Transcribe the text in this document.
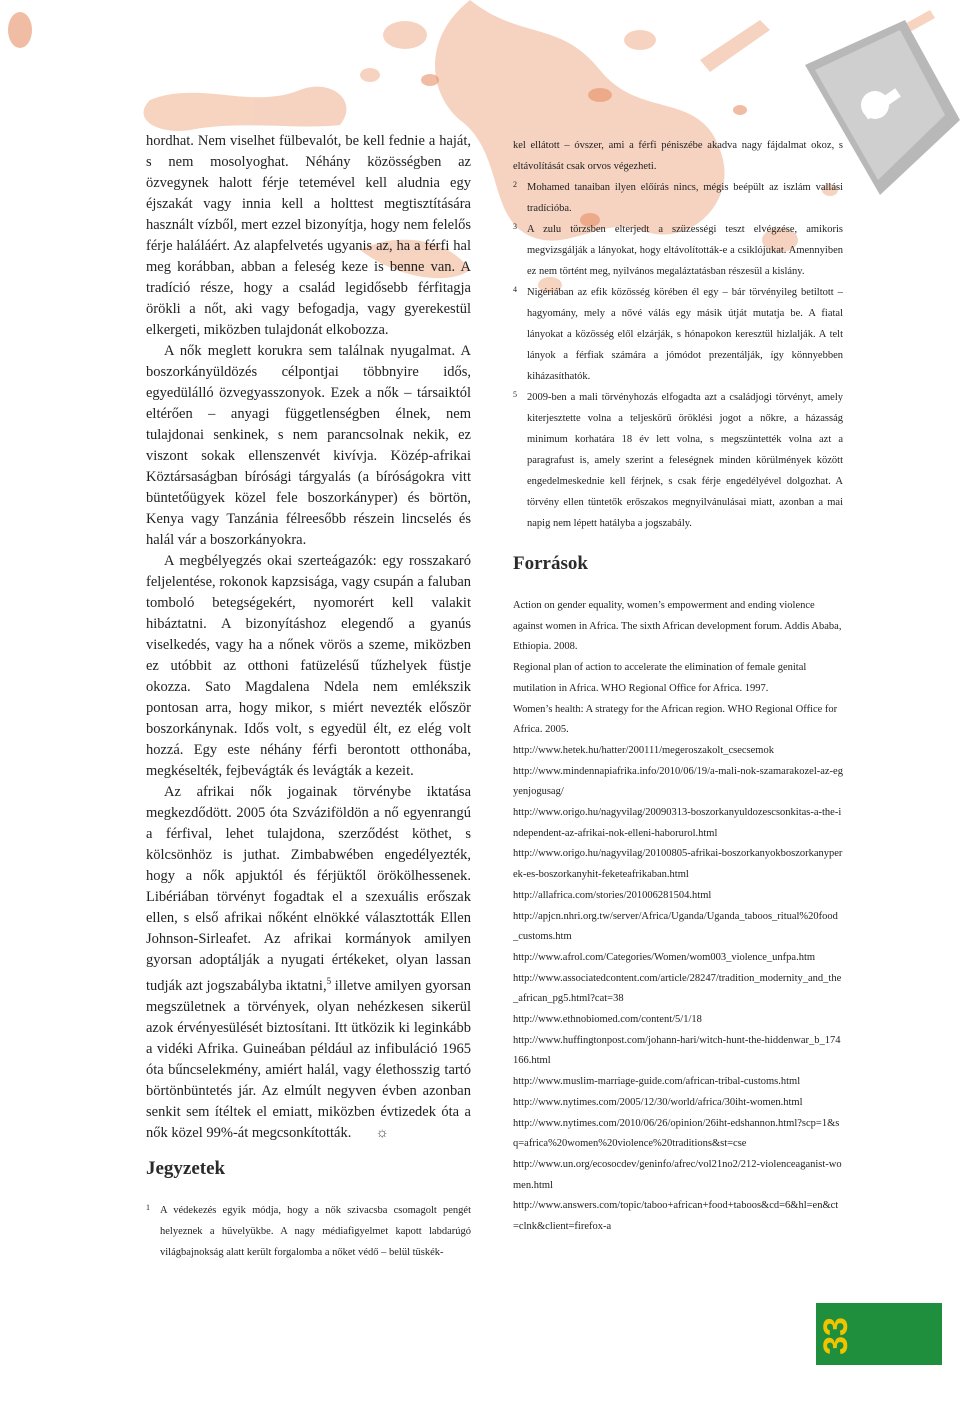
hordhat. Nem viselhet fülbevalót, be kell fednie a haját, s nem mosolyoghat. Néhány közösségben az özvegynek halott férje tetemével kell aludnia egy éjszakát vagy innia kell a holttest megtisztítására használt vízből, mert ezzel bizonyítja, hogy nem felelős férje haláláért. Az alapfelvetés ugyanis az, ha a férfi hal meg korábban, abban a feleség keze is benne van. A tradíció része, hogy a család legidősebb férfitagja örökli a nőt, aki vagy befogadja, vagy gyerekestül elkergeti, miközben tulajdonát elkobozza.

A nők meglett korukra sem találnak nyugalmat. A boszorkányüldözés célpontjai többnyire idős, egyedülálló özvegyasszonyok. Ezek a nők – társaiktól eltérően – anyagi függetlenségben élnek, nem tulajdonai senkinek, s nem parancsolnak nekik, ez viszont sokak ellenszenvét kivívja. Közép-afrikai Köztársaságban bírósági tárgyalás (a bíróságokra vitt büntetőügyek közel fele boszorkányper) és börtön, Kenya vagy Tanzánia félreesőbb részein lincselés és halál vár a boszorkányokra.

A megbélyegzés okai szerteágazók: egy rosszakaró feljelentése, rokonok kapzsisága, vagy csupán a faluban tomboló betegségekért, nyomorért kell valakit hibáztatni. A bizonyításhoz elegendő a gyanús viselkedés, vagy ha a nőnek vörös a szeme, miközben ez utóbbit az otthoni fatüzelésű tűzhelyek füstje okozza. Sato Magdalena Ndela nem emlékszik pontosan arra, hogy mikor, s miért nevezték először boszorkánynak. Idős volt, s egyedül élt, ez elég volt hozzá. Egy este néhány férfi berontott otthonába, megkéselték, fejbevágták és levágták a kezeit.

Az afrikai nők jogainak törvénybe iktatása megkezdődött. 2005 óta Szváziföldön a nő egyenrangú a férfival, lehet tulajdona, szerződést köthet, s kölcsönhöz is juthat. Zimbabwében engedélyezték, hogy a nők apjuktól és férjüktől örökölhessenek. Libériában törvényt fogadtak el a szexuális erőszak ellen, s első afrikai nőként elnökké választották Ellen Johnson-Sirleafet. Az afrikai kormányok amilyen gyorsan adoptálják a nyugati értékeket, olyan lassan tudják azt jogszabályba iktatni,$^5$ illetve amilyen gyorsan megszületnek a törvények, olyan nehézkesen sikerül azok érvényesülését biztosítani. Itt ütközik ki leginkább a vidéki Afrika. Guineában például az infibuláció 1965 óta bűncselekmény, amiért halál, vagy élethosszig tartó börtönbüntetés jár. Az elmúlt negyven évben azonban senkit sem ítéltek el emiatt, miközben évtizedek óta a nők közel 99%-át megcsonkították. ☼

Jegyzetek
1 A védekezés egyik módja, hogy a nők szivacsba csomagolt pengét helyeznek a hüvelyükbe. A nagy médiafigyelmet kapott labdarúgó világbajnokság alatt került forgalomba a nőket védő – belül tüskék-
kel ellátott – óvszer, ami a férfi péniszébe akadva nagy fájdalmat okoz, s eltávolítását csak orvos végezheti.
2 Mohamed tanaiban ilyen előírás nincs, mégis beépült az iszlám vallási tradícióba.
3 A zulu törzsben elterjedt a szüzességi teszt elvégzése, amikoris megvizsgálják a lányokat, hogy eltávolították-e a csiklójukat. Amennyiben ez nem történt meg, nyilvános megaláztatásban részesül a kislány.
4 Nigériában az efik közösség körében él egy – bár törvényileg betiltott – hagyomány, mely a nővé válás egy másik útját mutatja be. A fiatal lányokat a közösség elől elzárják, s hónapokon keresztül hizlalják. A telt lányok a férfiak számára a jómódot prezentálják, így könnyebben kiházasíthatók.
5 2009-ben a mali törvényhozás elfogadta azt a családjogi törvényt, amely kiterjesztette volna a teljeskörű öröklési jogot a nőkre, a házasság minimum korhatára 18 év lett volna, s megszüntették volna azt a paragrafust is, amely szerint a feleségnek minden körülmények között engedelmeskednie kell férjnek, s csak férje engedélyével dolgozhat. A törvény ellen tüntetők erőszakos megnyilvánulásai miatt, azonban a mai napig nem lépett hatályba a jogszabály.
Források
Action on gender equality, women’s empowerment and ending violence against women in Africa. The sixth African development forum. Addis Ababa, Ethiopia. 2008.
Regional plan of action to accelerate the elimination of female genital mutilation in Africa. WHO Regional Office for Africa. 1997.
Women’s health: A strategy for the African region. WHO Regional Office for Africa. 2005.
http://www.hetek.hu/hatter/200111/megeroszakolt_csecsemok
http://www.mindennapiafrika.info/2010/06/19/a-mali-nok-szamarakozel-az-egyenjogusag/
http://www.origo.hu/nagyvilag/20090313-boszorkanyuldozescsonkitas-a-the-independent-az-afrikai-nok-elleni-haborurol.html
http://www.origo.hu/nagyvilag/20100805-afrikai-boszorkanyokboszorkanyperek-es-boszorkanyhit-feketeafrikaban.html
http://allafrica.com/stories/201006281504.html
http://apjcn.nhri.org.tw/server/Africa/Uganda/Uganda_taboos_ritual%20food_customs.htm
http://www.afrol.com/Categories/Women/wom003_violence_unfpa.htm
http://www.associatedcontent.com/article/28247/tradition_modernity_and_the_african_pg5.html?cat=38
http://www.ethnobiomed.com/content/5/1/18
http://www.huffingtonpost.com/johann-hari/witch-hunt-the-hiddenwar_b_174166.html
http://www.muslim-marriage-guide.com/african-tribal-customs.html
http://www.nytimes.com/2005/12/30/world/africa/30iht-women.html
http://www.nytimes.com/2010/06/26/opinion/26iht-edshannon.html?scp=1&sq=africa%20women%20violence%20traditions&st=cse
http://www.un.org/ecosocdev/geninfo/afrec/vol21no2/212-violenceaganist-women.html
http://www.answers.com/topic/taboo+african+food+taboos&cd=6&hl=en&ct=clnk&client=firefox-a
33
